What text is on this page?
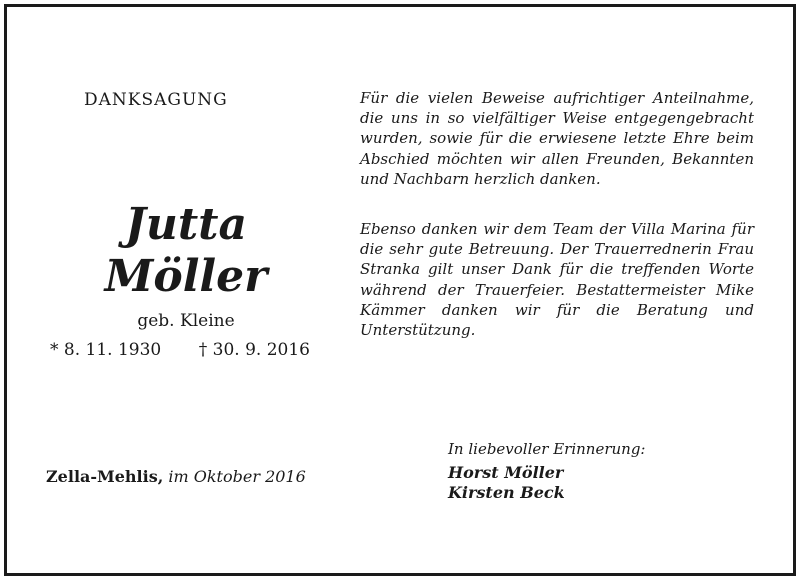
DANKSAGUNG
Jutta
Möller
geb. Kleine
* 8. 11. 1930 † 30. 9. 2016
Für die vielen Beweise aufrichtiger Anteilnahme, die uns in so vielfältiger Weise entgegengebracht wurden, sowie für die erwiesene letzte Ehre beim Abschied möchten wir allen Freunden, Bekannten und Nachbarn herzlich danken.
Ebenso danken wir dem Team der Villa Marina für die sehr gute Betreuung. Der Trauerrednerin Frau Stranka gilt unser Dank für die treffenden Worte während der Trauerfeier. Bestattermeister Mike Kämmer danken wir für die Beratung und Unterstützung.
Zella-Mehlis, im Oktober 2016
In liebevoller Erinnerung:
Horst Möller
Kirsten Beck
